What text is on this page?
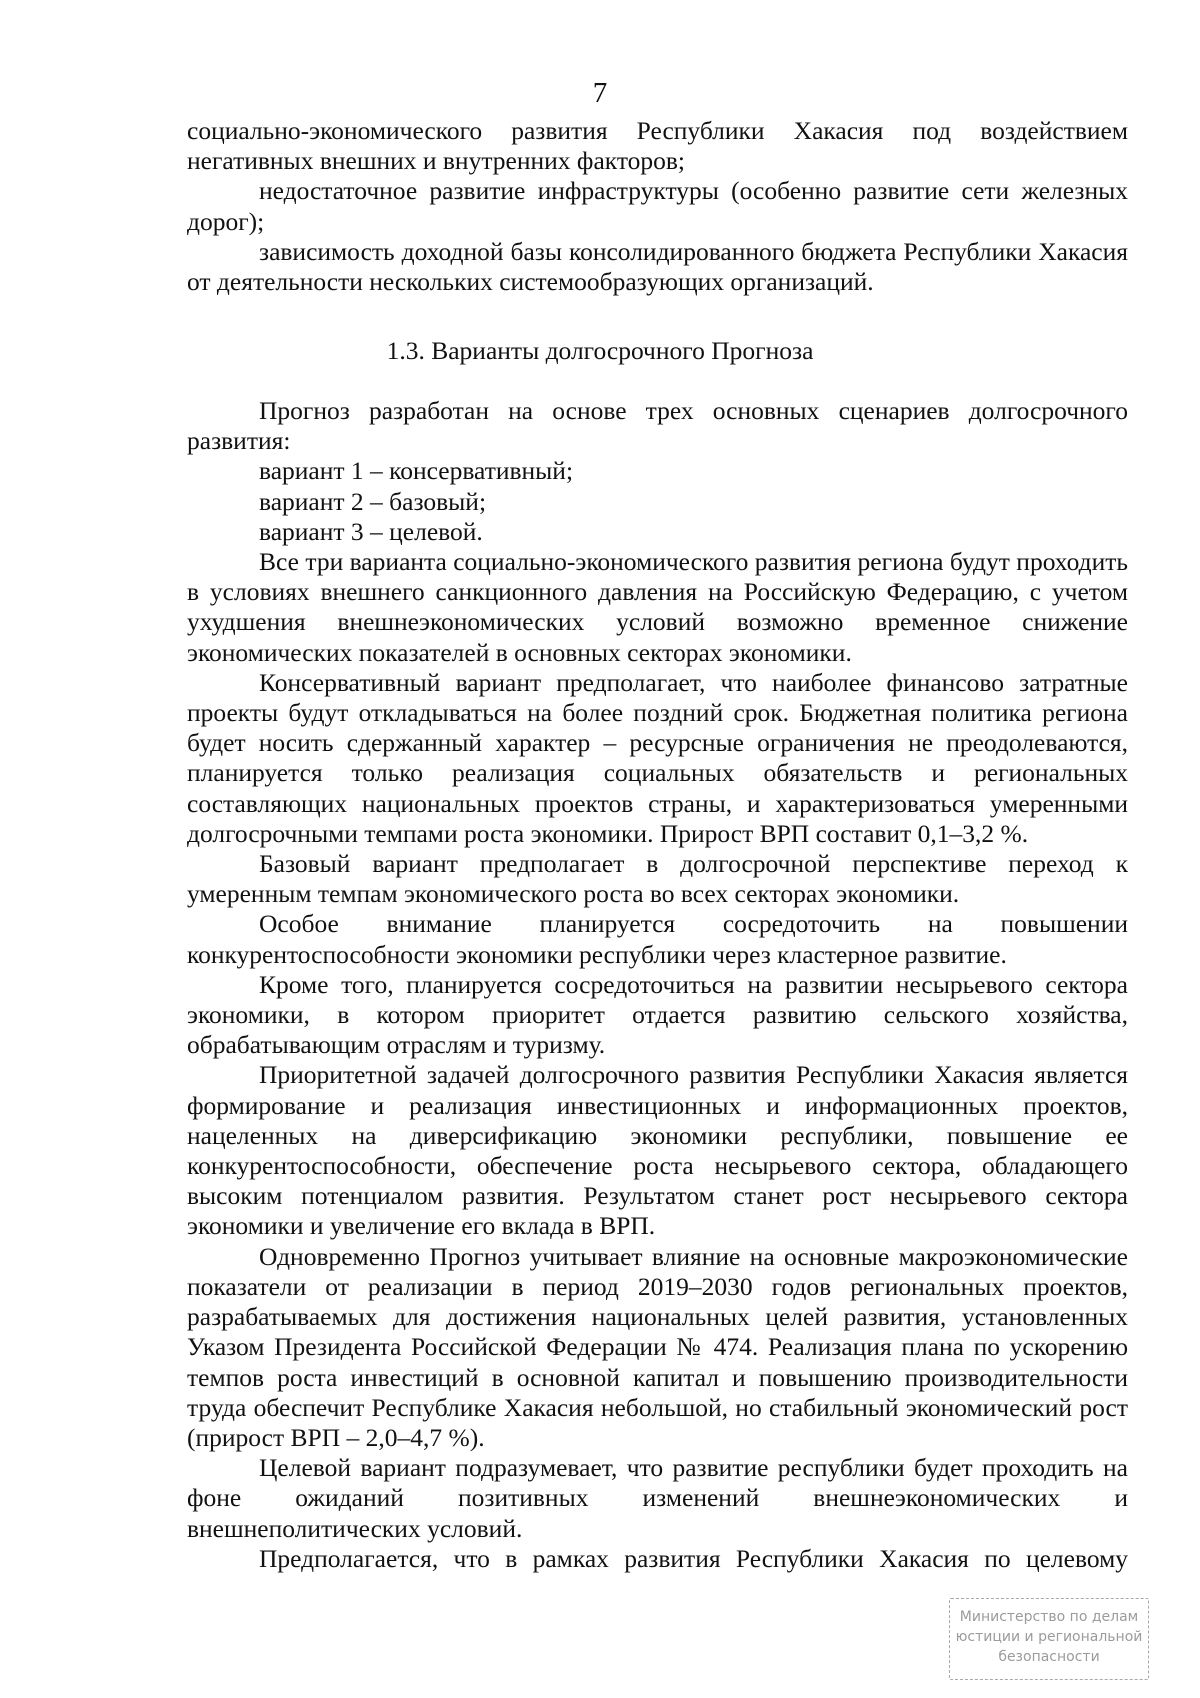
7

социально-экономического развития Республики Хакасия под воздействием негативных внешних и внутренних факторов;

недостаточное развитие инфраструктуры (особенно развитие сети железных дорог);

зависимость доходной базы консолидированного бюджета Республики Хакасия от деятельности нескольких системообразующих организаций.

1.3. Варианты долгосрочного Прогноза

Прогноз разработан на основе трех основных сценариев долгосрочного развития:

вариант 1 – консервативный;

вариант 2 – базовый;

вариант 3 – целевой.

Все три варианта социально-экономического развития региона будут проходить в условиях внешнего санкционного давления на Российскую Федерацию, с учетом ухудшения внешнеэкономических условий возможно временное снижение экономических показателей в основных секторах экономики.

Консервативный вариант предполагает, что наиболее финансово затратные проекты будут откладываться на более поздний срок. Бюджетная политика региона будет носить сдержанный характер – ресурсные ограничения не преодолеваются, планируется только реализация социальных обязательств и региональных составляющих национальных проектов страны, и характеризоваться умеренными долгосрочными темпами роста экономики. Прирост ВРП составит 0,1–3,2 %.

Базовый вариант предполагает в долгосрочной перспективе переход к умеренным темпам экономического роста во всех секторах экономики.

Особое внимание планируется сосредоточить на повышении конкурентоспособности экономики республики через кластерное развитие.

Кроме того, планируется сосредоточиться на развитии несырьевого сектора экономики, в котором приоритет отдается развитию сельского хозяйства, обрабатывающим отраслям и туризму.

Приоритетной задачей долгосрочного развития Республики Хакасия является формирование и реализация инвестиционных и информационных проектов, нацеленных на диверсификацию экономики республики, повышение ее конкурентоспособности, обеспечение роста несырьевого сектора, обладающего высоким потенциалом развития. Результатом станет рост несырьевого сектора экономики и увеличение его вклада в ВРП.

Одновременно Прогноз учитывает влияние на основные макроэкономические показатели от реализации в период 2019–2030 годов региональных проектов, разрабатываемых для достижения национальных целей развития, установленных Указом Президента Российской Федерации № 474. Реализация плана по ускорению темпов роста инвестиций в основной капитал и повышению производительности труда обеспечит Республике Хакасия небольшой, но стабильный экономический рост (прирост ВРП – 2,0–4,7 %).

Целевой вариант подразумевает, что развитие республики будет проходить на фоне ожиданий позитивных изменений внешнеэкономических и внешнеполитических условий.

Предполагается, что в рамках развития Республики Хакасия по целевому

Министерство по делам
юстиции и региональной
безопасности
